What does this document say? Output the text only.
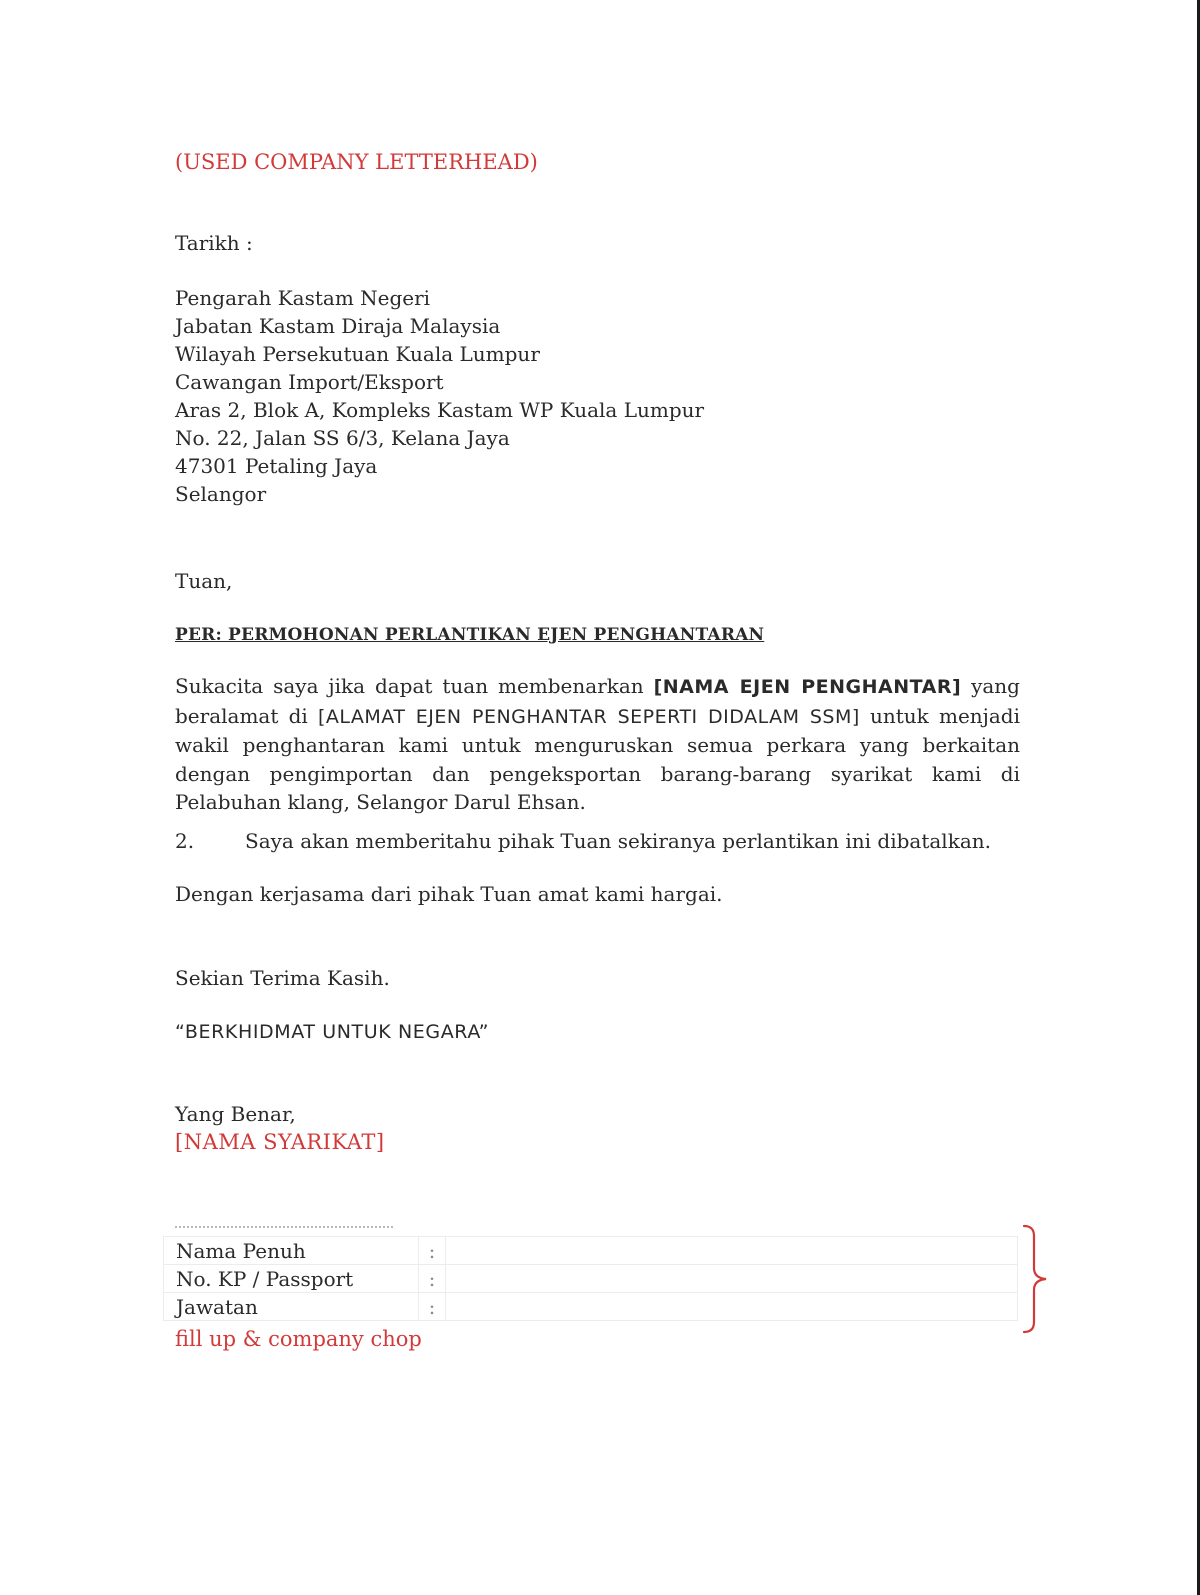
(USED COMPANY LETTERHEAD)
Tarikh :
Pengarah Kastam Negeri
Jabatan Kastam Diraja Malaysia
Wilayah Persekutuan Kuala Lumpur
Cawangan Import/Eksport
Aras 2, Blok A, Kompleks Kastam WP Kuala Lumpur
No. 22, Jalan SS 6/3, Kelana Jaya
47301 Petaling Jaya
Selangor
Tuan,
PER: PERMOHONAN PERLANTIKAN EJEN PENGHANTARAN
Sukacita saya jika dapat tuan membenarkan [NAMA EJEN PENGHANTAR] yang beralamat di [ALAMAT EJEN PENGHANTAR SEPERTI DIDALAM SSM] untuk menjadi wakil penghantaran kami untuk menguruskan semua perkara yang berkaitan dengan pengimportan dan pengeksportan barang-barang syarikat kami di Pelabuhan klang, Selangor Darul Ehsan.
2.	Saya akan memberitahu pihak Tuan sekiranya perlantikan ini dibatalkan.
Dengan kerjasama dari pihak Tuan amat kami hargai.
Sekian Terima Kasih.
“BERKHIDMAT UNTUK NEGARA”
Yang Benar,
[NAMA SYARIKAT]
Nama Penuh	:	
No. KP / Passport	:	
Jawatan	:	
fill up & company chop
